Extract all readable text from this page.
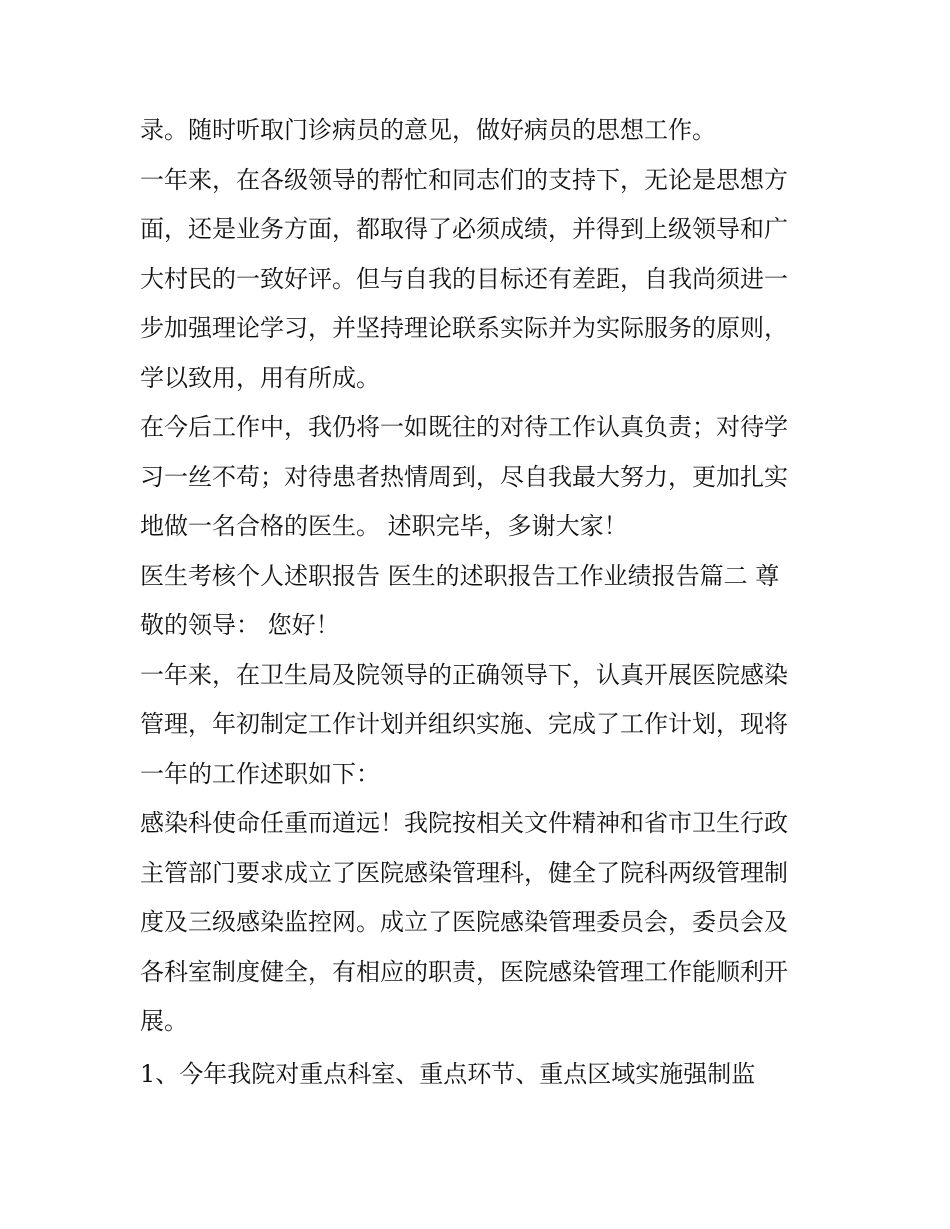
录。随时听取门诊病员的意见，做好病员的思想工作。
一年来，在各级领导的帮忙和同志们的支持下，无论是思想方
面，还是业务方面，都取得了必须成绩，并得到上级领导和广
大村民的一致好评。但与自我的目标还有差距，自我尚须进一
步加强理论学习，并坚持理论联系实际并为实际服务的原则，
学以致用，用有所成。
在今后工作中，我仍将一如既往的对待工作认真负责；对待学
习一丝不苟；对待患者热情周到，尽自我最大努力，更加扎实
地做一名合格的医生。 述职完毕，多谢大家！
医生考核个人述职报告 医生的述职报告工作业绩报告篇二 尊
敬的领导： 您好！
一年来，在卫生局及院领导的正确领导下，认真开展医院感染
管理，年初制定工作计划并组织实施、完成了工作计划，现将
一年的工作述职如下：
感染科使命任重而道远！我院按相关文件精神和省市卫生行政
主管部门要求成立了医院感染管理科，健全了院科两级管理制
度及三级感染监控网。成立了医院感染管理委员会，委员会及
各科室制度健全，有相应的职责，医院感染管理工作能顺利开
展。
1、今年我院对重点科室、重点环节、重点区域实施强制监
